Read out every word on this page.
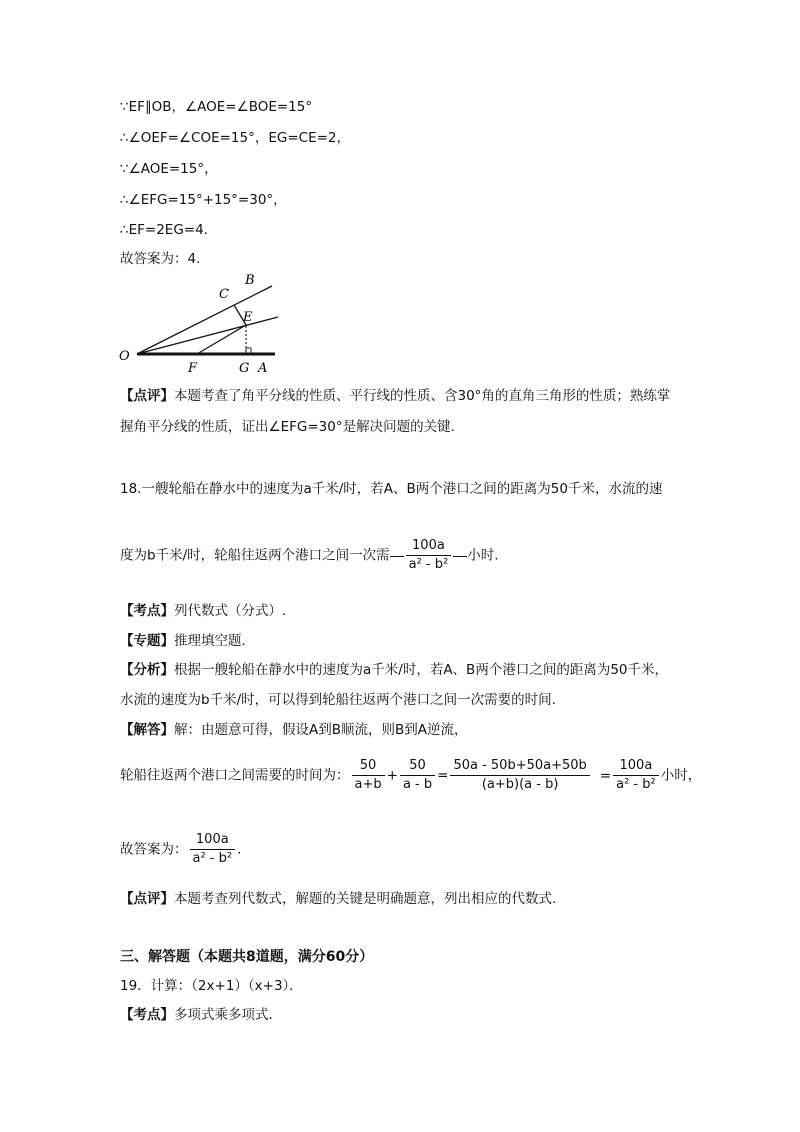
∵EF∥OB，∠AOE=∠BOE=15°
∴∠OEF=∠COE=15°，EG=CE=2，
∵∠AOE=15°，
∴∠EFG=15°+15°=30°，
∴EF=2EG=4.
故答案为：4.
O
F	G A
C
B
E
【点评】本题考查了角平分线的性质、平行线的性质、含30°角的直角三角形的性质；熟练掌
握角平分线的性质，证出∠EFG=30°是解决问题的关键.
18.一艘轮船在静水中的速度为a千米/时，若A、B两个港口之间的距离为50千米，水流的速
度为b千米/时，轮船往返两个港口之间一次需 $\frac{100a}{\text{a² - b²}}$ 小时.
【考点】列代数式（分式）.
【专题】推理填空题.
【分析】根据一艘轮船在静水中的速度为a千米/时，若A、B两个港口之间的距离为50千米，
水流的速度为b千米/时，可以得到轮船往返两个港口之间一次需要的时间.
【解答】解：由题意可得，假设A到B顺流，则B到A逆流，
轮船往返两个港口之间需要的时间为： $\frac{50}{a+b} + \frac{50}{a - b} = \frac{50a - 50b+50a+50b}{(a+b)(a - b)} = \frac{100a}{\text{a² - b²}}$ 小时，
故答案为： $\frac{100a}{\text{a² - b²}}$ .
【点评】本题考查列代数式，解题的关键是明确题意，列出相应的代数式.
三、解答题（本题共8道题，满分60分）
19．计算：（2x+1）（x+3）．
【考点】多项式乘多项式.
